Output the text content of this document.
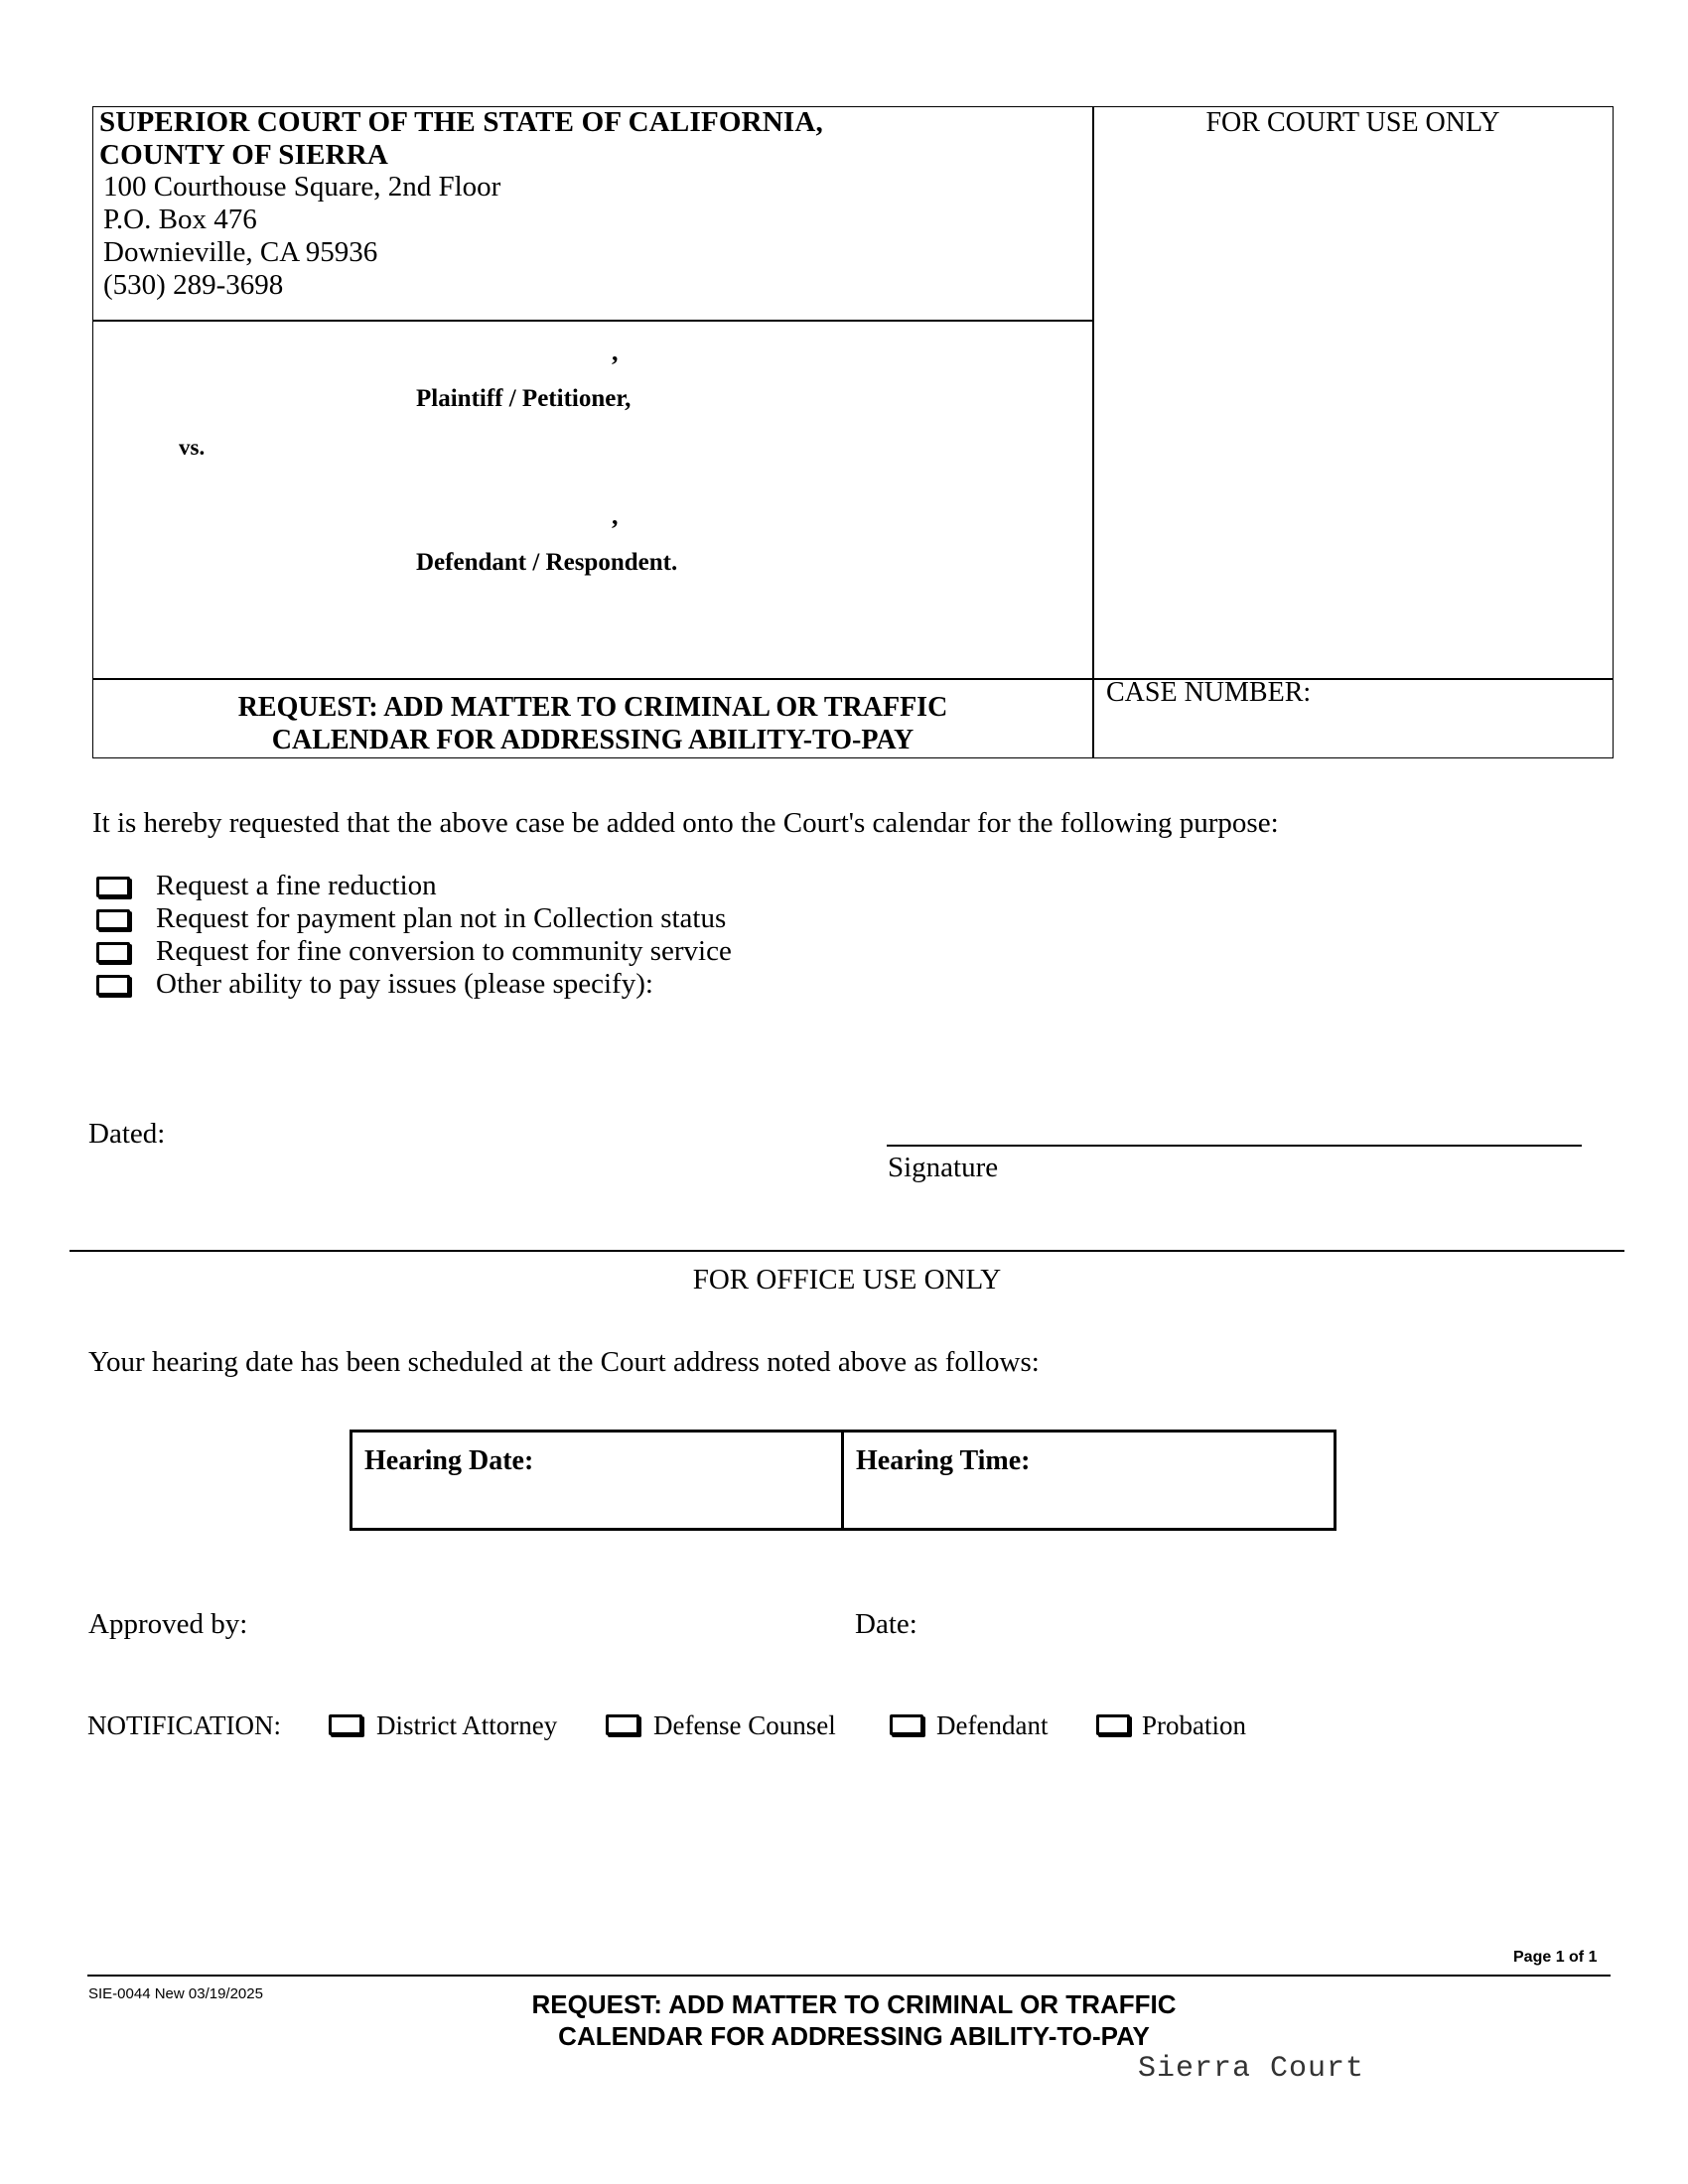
SUPERIOR COURT OF THE STATE OF CALIFORNIA,
COUNTY OF SIERRA
100 Courthouse Square, 2nd Floor
P.O. Box 476
Downieville, CA 95936
(530) 289-3698
FOR COURT USE ONLY
,
Plaintiff / Petitioner,
vs.
,
Defendant / Respondent.
REQUEST: ADD MATTER TO CRIMINAL OR TRAFFIC
CALENDAR FOR ADDRESSING ABILITY-TO-PAY
CASE NUMBER:
It is hereby requested that the above case be added onto the Court's calendar for the following purpose:
Request a fine reduction
Request for payment plan not in Collection status
Request for fine conversion to community service
Other ability to pay issues (please specify):
Dated:
Signature
FOR OFFICE USE ONLY
Your hearing date has been scheduled at the Court address noted above as follows:
Hearing Date:	Hearing Time:
Approved by:	Date:
NOTIFICATION:	District Attorney	Defense Counsel	Defendant	Probation
Page 1 of 1
SIE-0044 New 03/19/2025	REQUEST: ADD MATTER TO CRIMINAL OR TRAFFIC
CALENDAR FOR ADDRESSING ABILITY-TO-PAY
Sierra Court
